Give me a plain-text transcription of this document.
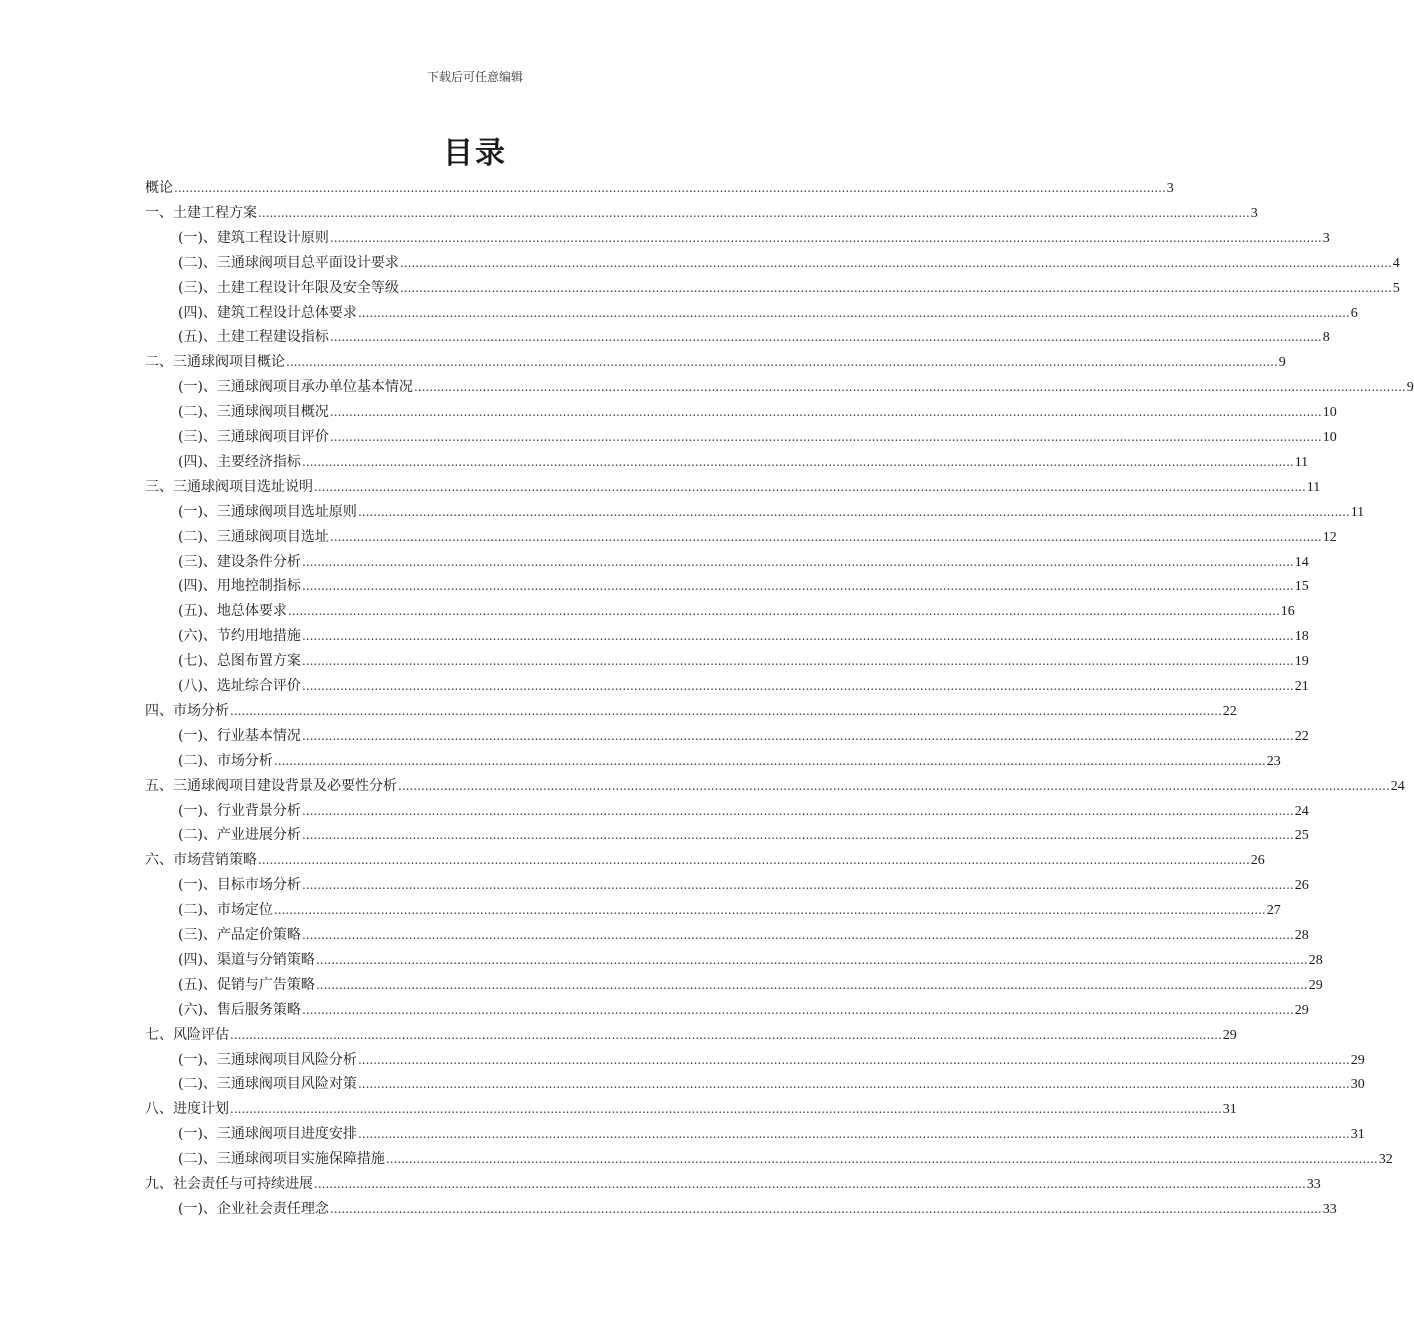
下载后可任意编辑
目录
概论 .................................................................................................................................................................................................................................................................... 3
一、土建工程方案 .................................................................................................................................................................................................................................................................... 3
(一)、建筑工程设计原则 .................................................................................................................................................................................................................................................................... 3
(二)、三通球阀项目总平面设计要求 .................................................................................................................................................................................................................................................................... 4
(三)、土建工程设计年限及安全等级 .................................................................................................................................................................................................................................................................... 5
(四)、建筑工程设计总体要求 .................................................................................................................................................................................................................................................................... 6
(五)、土建工程建设指标 .................................................................................................................................................................................................................................................................... 8
二、三通球阀项目概论 .................................................................................................................................................................................................................................................................... 9
(一)、三通球阀项目承办单位基本情况 .................................................................................................................................................................................................................................................................... 9
(二)、三通球阀项目概况 .................................................................................................................................................................................................................................................................... 10
(三)、三通球阀项目评价 .................................................................................................................................................................................................................................................................... 10
(四)、主要经济指标 .................................................................................................................................................................................................................................................................... 11
三、三通球阀项目选址说明 .................................................................................................................................................................................................................................................................... 11
(一)、三通球阀项目选址原则 .................................................................................................................................................................................................................................................................... 11
(二)、三通球阀项目选址 .................................................................................................................................................................................................................................................................... 12
(三)、建设条件分析 .................................................................................................................................................................................................................................................................... 14
(四)、用地控制指标 .................................................................................................................................................................................................................................................................... 15
(五)、地总体要求 .................................................................................................................................................................................................................................................................... 16
(六)、节约用地措施 .................................................................................................................................................................................................................................................................... 18
(七)、总图布置方案 .................................................................................................................................................................................................................................................................... 19
(八)、选址综合评价 .................................................................................................................................................................................................................................................................... 21
四、市场分析 .................................................................................................................................................................................................................................................................... 22
(一)、行业基本情况 .................................................................................................................................................................................................................................................................... 22
(二)、市场分析 .................................................................................................................................................................................................................................................................... 23
五、三通球阀项目建设背景及必要性分析 .................................................................................................................................................................................................................................................................... 24
(一)、行业背景分析 .................................................................................................................................................................................................................................................................... 24
(二)、产业进展分析 .................................................................................................................................................................................................................................................................... 25
六、市场营销策略 .................................................................................................................................................................................................................................................................... 26
(一)、目标市场分析 .................................................................................................................................................................................................................................................................... 26
(二)、市场定位 .................................................................................................................................................................................................................................................................... 27
(三)、产品定价策略 .................................................................................................................................................................................................................................................................... 28
(四)、渠道与分销策略 .................................................................................................................................................................................................................................................................... 28
(五)、促销与广告策略 .................................................................................................................................................................................................................................................................... 29
(六)、售后服务策略 .................................................................................................................................................................................................................................................................... 29
七、风险评估 .................................................................................................................................................................................................................................................................... 29
(一)、三通球阀项目风险分析 .................................................................................................................................................................................................................................................................... 29
(二)、三通球阀项目风险对策 .................................................................................................................................................................................................................................................................... 30
八、进度计划 .................................................................................................................................................................................................................................................................... 31
(一)、三通球阀项目进度安排 .................................................................................................................................................................................................................................................................... 31
(二)、三通球阀项目实施保障措施 .................................................................................................................................................................................................................................................................... 32
九、社会责任与可持续进展 .................................................................................................................................................................................................................................................................... 33
(一)、企业社会责任理念 .................................................................................................................................................................................................................................................................... 33
